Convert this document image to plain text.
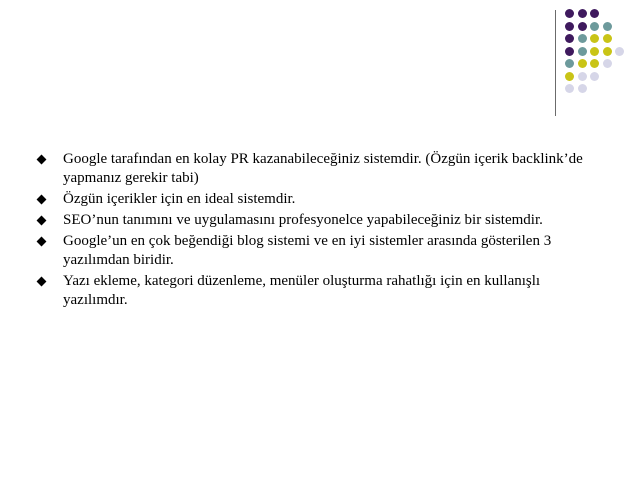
Google tarafından en kolay PR kazanabileceğiniz sistemdir. (Özgün içerik backlink’de yapmanız gerekir tabi)
Özgün içerikler için en ideal sistemdir.
SEO’nun tanımını ve uygulamasını profesyonelce yapabileceğiniz bir sistemdir.
Google’un en çok beğendiği blog sistemi ve en iyi sistemler arasında gösterilen 3 yazılımdan biridir.
Yazı ekleme, kategori düzenleme, menüler oluşturma rahatlığı için en kullanışlı yazılımdır.
